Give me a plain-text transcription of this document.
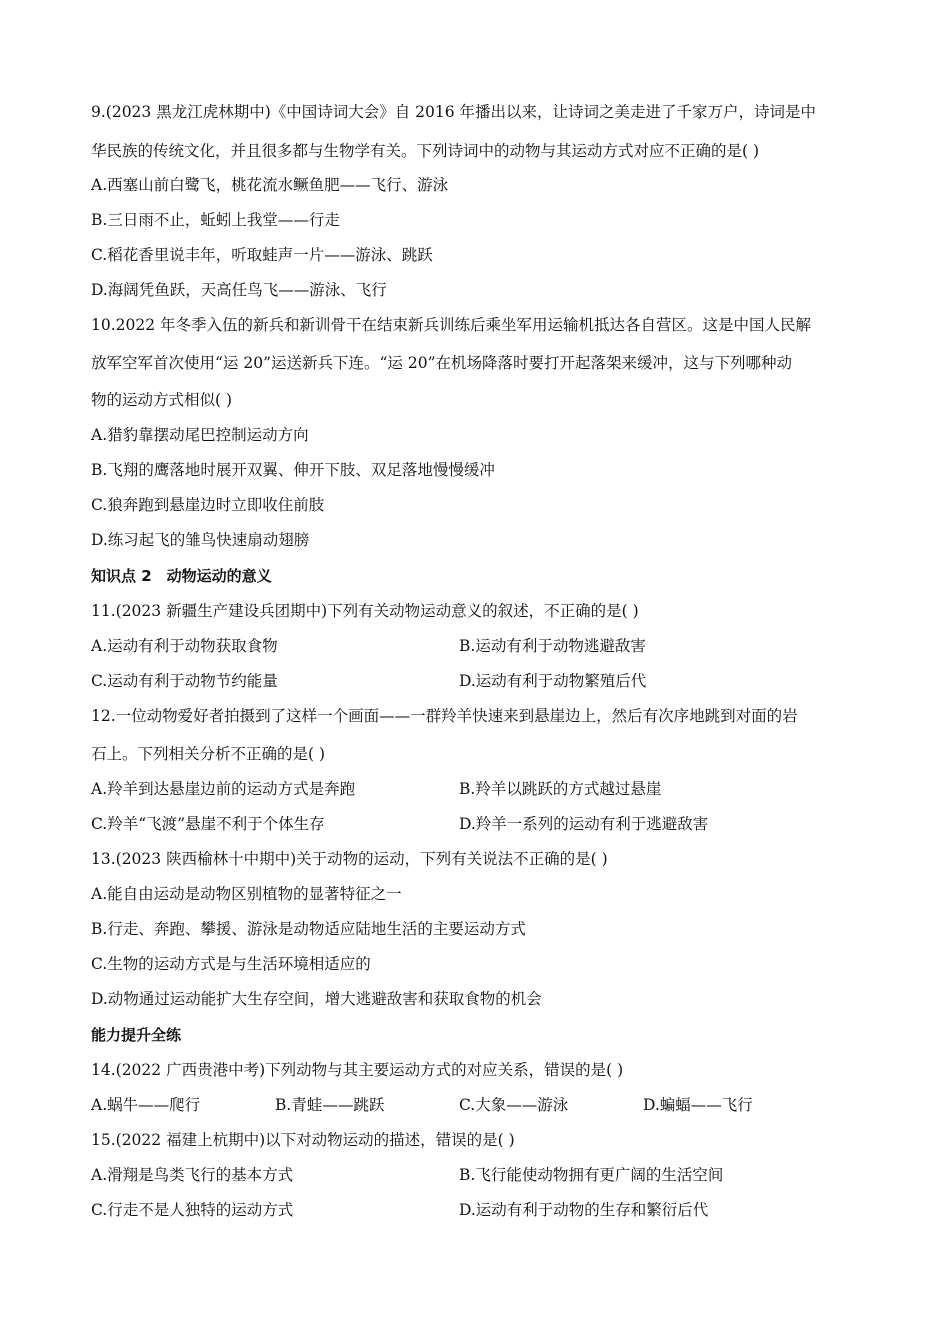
9.(2023 黑龙江虎林期中)《中国诗词大会》自 2016 年播出以来，让诗词之美走进了千家万户，诗词是中
华民族的传统文化，并且很多都与生物学有关。下列诗词中的动物与其运动方式对应不正确的是( )
A.西塞山前白鹭飞，桃花流水鳜鱼肥——飞行、游泳
B.三日雨不止，蚯蚓上我堂——行走
C.稻花香里说丰年，听取蛙声一片——游泳、跳跃
D.海阔凭鱼跃，天高任鸟飞——游泳、飞行
10.2022 年冬季入伍的新兵和新训骨干在结束新兵训练后乘坐军用运输机抵达各自营区。这是中国人民解
放军空军首次使用“运 20”运送新兵下连。“运 20”在机场降落时要打开起落架来缓冲，这与下列哪种动
物的运动方式相似( )
A.猎豹靠摆动尾巴控制运动方向
B.飞翔的鹰落地时展开双翼、伸开下肢、双足落地慢慢缓冲
C.狼奔跑到悬崖边时立即收住前肢
D.练习起飞的雏鸟快速扇动翅膀
知识点 2　动物运动的意义
11.(2023 新疆生产建设兵团期中)下列有关动物运动意义的叙述，不正确的是( )
A.运动有利于动物获取食物	B.运动有利于动物逃避敌害
C.运动有利于动物节约能量	D.运动有利于动物繁殖后代
12.一位动物爱好者拍摄到了这样一个画面——一群羚羊快速来到悬崖边上，然后有次序地跳到对面的岩
石上。下列相关分析不正确的是( )
A.羚羊到达悬崖边前的运动方式是奔跑	B.羚羊以跳跃的方式越过悬崖
C.羚羊“飞渡”悬崖不利于个体生存	D.羚羊一系列的运动有利于逃避敌害
13.(2023 陕西榆林十中期中)关于动物的运动，下列有关说法不正确的是( )
A.能自由运动是动物区别植物的显著特征之一
B.行走、奔跑、攀援、游泳是动物适应陆地生活的主要运动方式
C.生物的运动方式是与生活环境相适应的
D.动物通过运动能扩大生存空间，增大逃避敌害和获取食物的机会
能力提升全练
14.(2022 广西贵港中考)下列动物与其主要运动方式的对应关系，错误的是( )
A.蜗牛——爬行	B.青蛙——跳跃	C.大象——游泳	D.蝙蝠——飞行
15.(2022 福建上杭期中)以下对动物运动的描述，错误的是( )
A.滑翔是鸟类飞行的基本方式	B.飞行能使动物拥有更广阔的生活空间
C.行走不是人独特的运动方式	D.运动有利于动物的生存和繁衍后代
